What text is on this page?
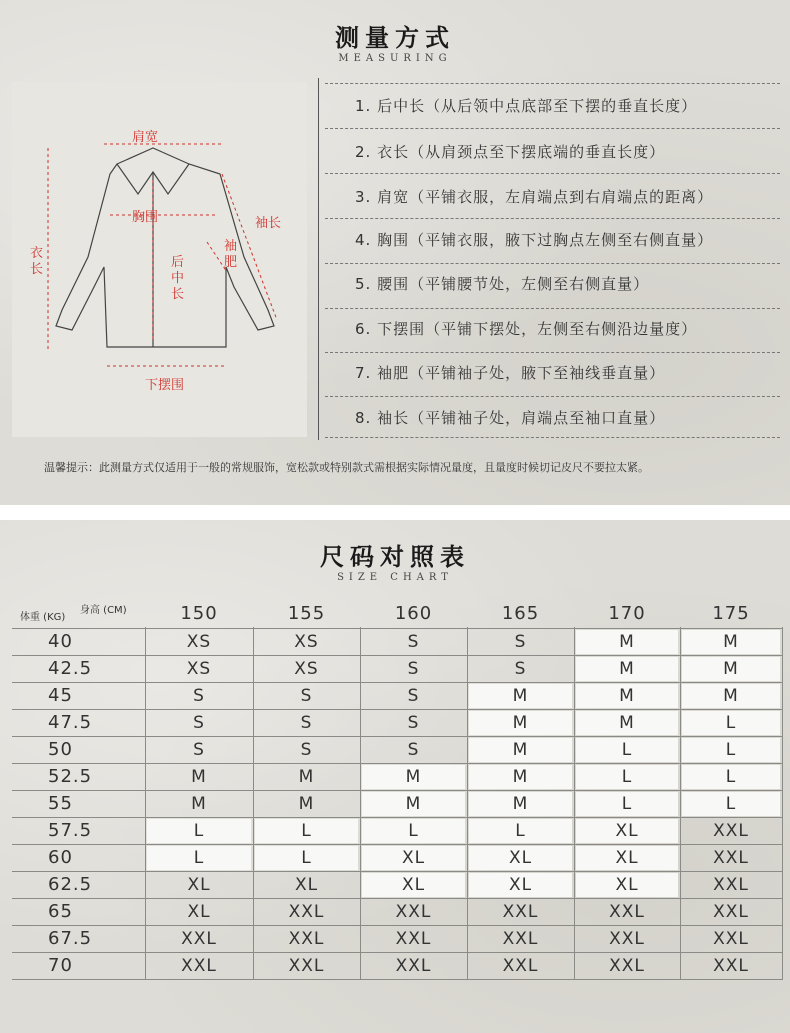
测量方式
MEASURING
肩宽
胸围	袖长
衣长	后中长
袖肥
下摆围
1. 后中长（从后领中点底部至下摆的垂直长度）
2. 衣长（从肩颈点至下摆底端的垂直长度）
3. 肩宽（平铺衣服，左肩端点到右肩端点的距离）
4. 胸围（平铺衣服，腋下过胸点左侧至右侧直量）
5. 腰围（平铺腰节处，左侧至右侧直量）
6. 下摆围（平铺下摆处，左侧至右侧沿边量度）
7. 袖肥（平铺袖子处，腋下至袖线垂直量）
8. 袖长（平铺袖子处，肩端点至袖口直量）
温馨提示：此测量方式仅适用于一般的常规服饰，宽松款或特别款式需根据实际情况量度，且量度时候切记皮尺不要拉太紧。
尺码对照表
SIZE CHART
体重 (KG)
身高 (CM)	150	155	160	165	170	175
40	XS	XS	S	S	M	M
42.5	XS	XS	S	S	M	M
45	S	S	S	M	M	M
47.5	S	S	S	M	M	L
50	S	S	S	M	L	L
52.5	M	M	M	M	L	L
55	M	M	M	M	L	L
57.5	L	L	L	L	XL	XXL
60	L	L	XL	XL	XL	XXL
62.5	XL	XL	XL	XL	XL	XXL
65	XL	XXL	XXL	XXL	XXL	XXL
67.5	XXL	XXL	XXL	XXL	XXL	XXL
70	XXL	XXL	XXL	XXL	XXL	XXL
